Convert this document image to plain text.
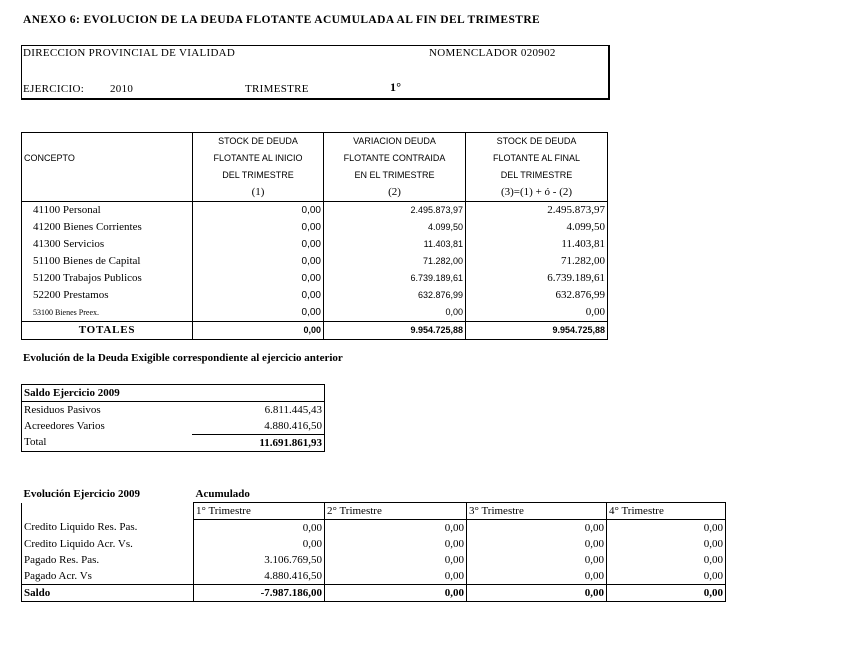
ANEXO 6: EVOLUCION DE LA DEUDA FLOTANTE ACUMULADA AL FIN DEL TRIMESTRE
DIRECCION PROVINCIAL DE VIALIDAD	NOMENCLADOR 020902
EJERCICIO: 2010	TRIMESTRE	1°
	STOCK DE DEUDA	VARIACION DEUDA	STOCK DE DEUDA
CONCEPTO	FLOTANTE AL INICIO	FLOTANTE CONTRAIDA	FLOTANTE AL FINAL
	DEL TRIMESTRE	EN EL TRIMESTRE	DEL TRIMESTRE
	(1)	(2)	(3)=(1) + ó - (2)
41100 Personal	0,00	2.495.873,97	2.495.873,97
41200 Bienes Corrientes	0,00	4.099,50	4.099,50
41300 Servicios	0,00	11.403,81	11.403,81
51100 Bienes de Capital	0,00	71.282,00	71.282,00
51200 Trabajos Publicos	0,00	6.739.189,61	6.739.189,61
52200 Prestamos	0,00	632.876,99	632.876,99
53100 Bienes Preex.	0,00	0,00	0,00
TOTALES	0,00	9.954.725,88	9.954.725,88
Evolución de la Deuda Exigible correspondiente al ejercicio anterior
Saldo Ejercicio 2009	
Residuos Pasivos	6.811.445,43
Acreedores Varios	4.880.416,50
Total	11.691.861,93
Evolución Ejercicio 2009	Acumulado			
	1° Trimestre	2° Trimestre	3° Trimestre	4° Trimestre
Credito Liquido Res. Pas.	0,00	0,00	0,00	0,00
Credito Liquido Acr. Vs.	0,00	0,00	0,00	0,00
Pagado Res. Pas.	3.106.769,50	0,00	0,00	0,00
Pagado Acr. Vs	4.880.416,50	0,00	0,00	0,00
Saldo	-7.987.186,00	0,00	0,00	0,00
